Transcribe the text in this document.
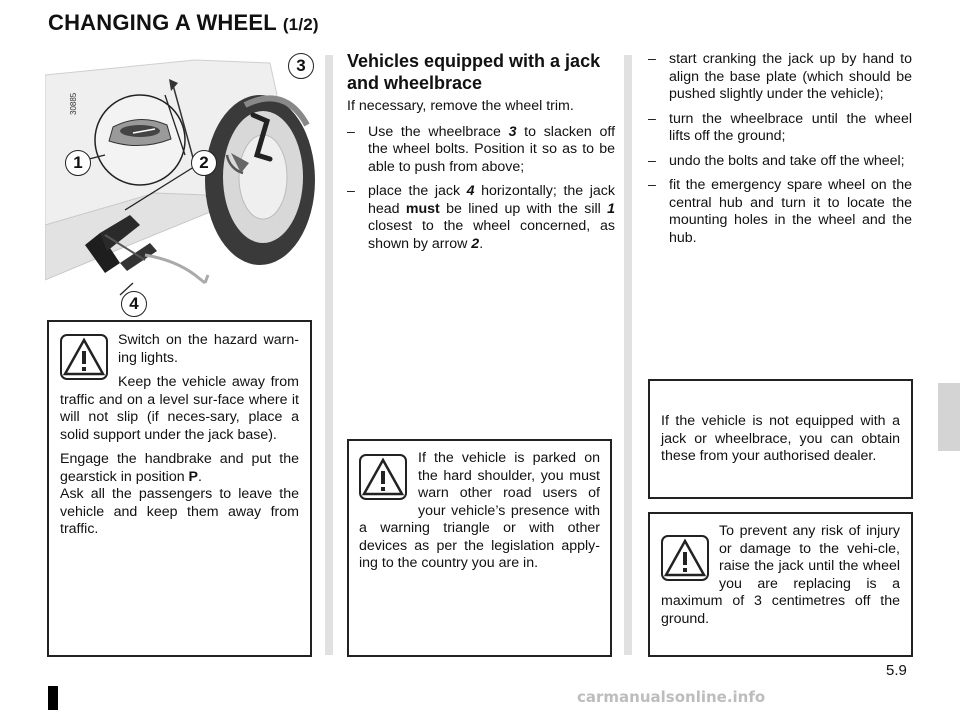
CHANGING A WHEEL (1/2)
30885
1	2
3
4

Switch on the hazard warn-ing lights.

Keep the vehicle away from traffic and on a level sur-face where it will not slip (if neces-sary, place a solid support under the jack base).

Engage the handbrake and put the gearstick in position P.

Ask all the passengers to leave the vehicle and keep them away from traffic.

Vehicles equipped with a jack and wheelbrace

If necessary, remove the wheel trim.

– Use the wheelbrace 3 to slacken off the wheel bolts. Position it so as to be able to push from above;
– place the jack 4 horizontally; the jack head must be lined up with the sill 1 closest to the wheel concerned, as shown by arrow 2.

If the vehicle is parked on the hard shoulder, you must warn other road users of your vehicle’s presence with a warning triangle or with other devices as per the legislation apply-ing to the country you are in.

– start cranking the jack up by hand to align the base plate (which should be pushed slightly under the vehicle);
– turn the wheelbrace until the wheel lifts off the ground;
– undo the bolts and take off the wheel;
– fit the emergency spare wheel on the central hub and turn it to locate the mounting holes in the wheel and the hub.

If the vehicle is not equipped with a jack or wheelbrace, you can obtain these from your authorised dealer.

To prevent any risk of injury or damage to the vehi-cle, raise the jack until the wheel you are replacing is a maximum of 3 centimetres off the ground.

5.9
carmanualsonline.info
